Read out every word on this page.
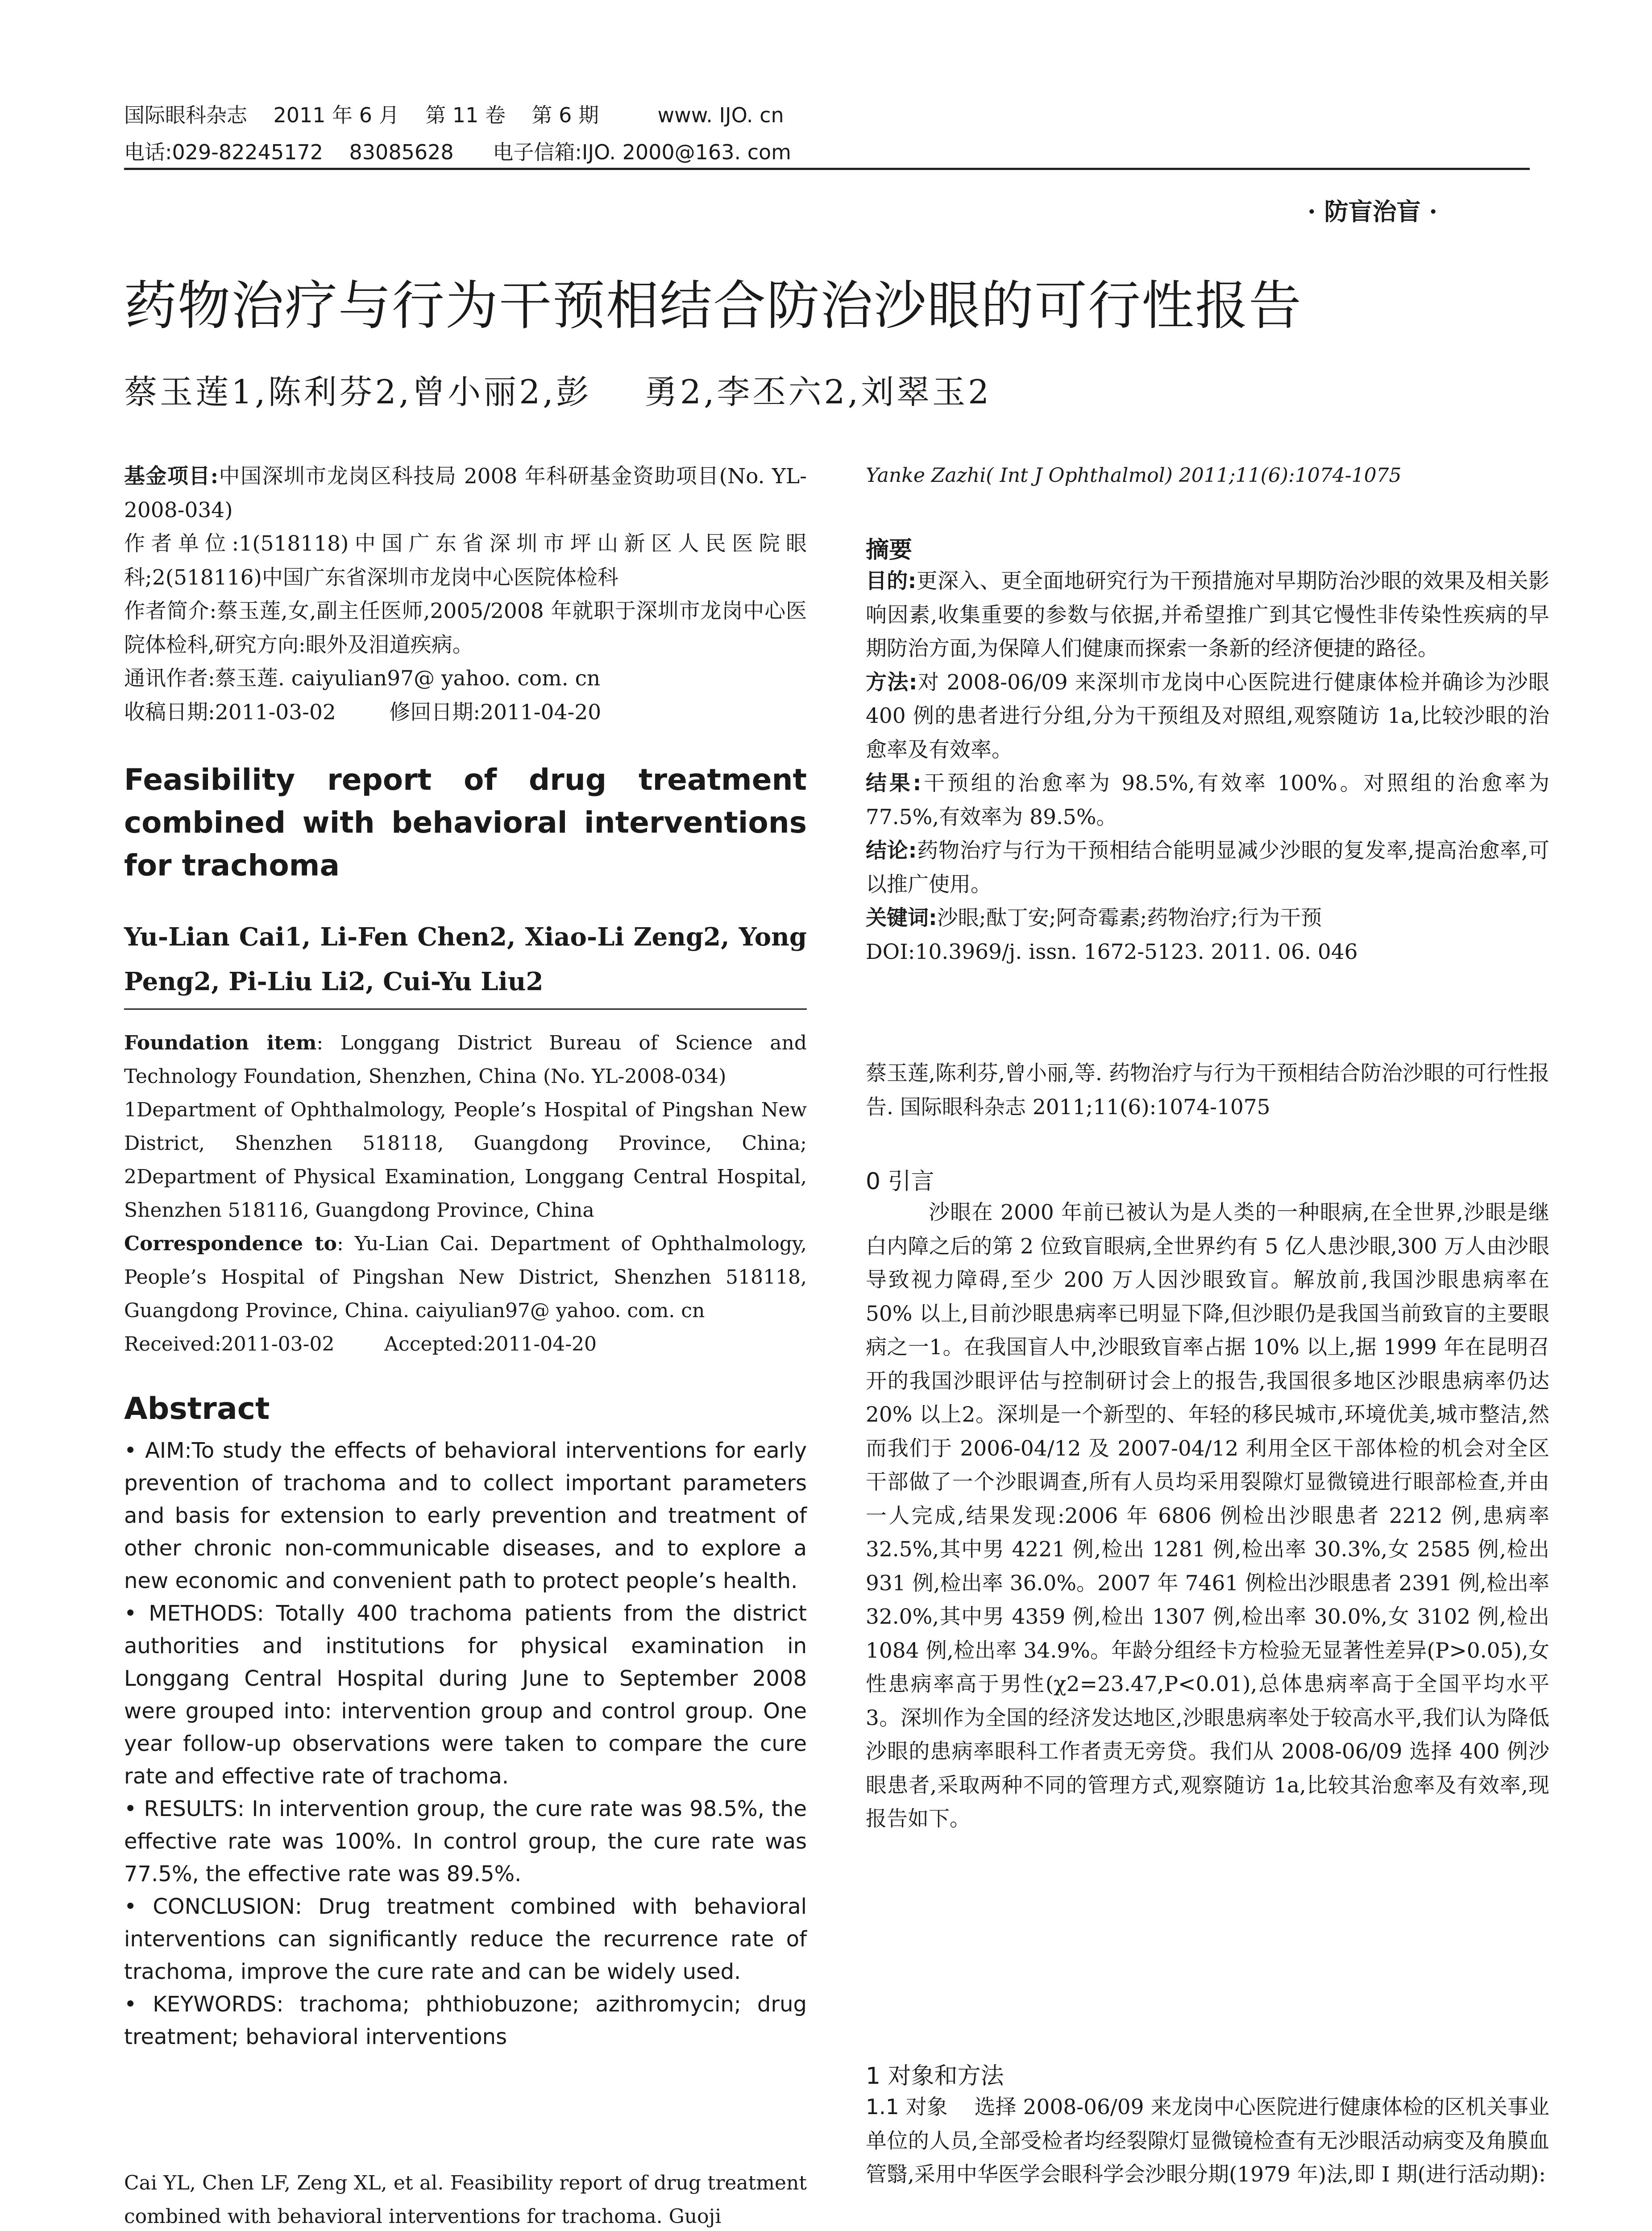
国际眼科杂志    2011 年 6 月    第 11 卷    第 6 期         www. IJO. cn
电话:029-82245172    83085628      电子信箱:IJO. 2000@163. com
· 防盲治盲 ·
药物治疗与行为干预相结合防治沙眼的可行性报告
蔡玉莲1,陈利芬2,曾小丽2,彭    勇2,李丕六2,刘翠玉2

基金项目:中国深圳市龙岗区科技局 2008 年科研基金资助项目(No. YL-2008-034)

作者单位:1(518118)中国广东省深圳市坪山新区人民医院眼科;2(518116)中国广东省深圳市龙岗中心医院体检科

作者简介:蔡玉莲,女,副主任医师,2005/2008 年就职于深圳市龙岗中心医院体检科,研究方向:眼外及泪道疾病。

通讯作者:蔡玉莲. caiyulian97@ yahoo. com. cn

收稿日期:2011-03-02        修回日期:2011-04-20

Feasibility report of drug treatment combined with behavioral interventions for trachoma
Yu-Lian Cai1, Li-Fen Chen2, Xiao-Li Zeng2, Yong Peng2, Pi-Liu Li2, Cui-Yu Liu2

Foundation item: Longgang District Bureau of Science and Technology Foundation, Shenzhen, China (No. YL-2008-034)

1Department of Ophthalmology, People’s Hospital of Pingshan New District, Shenzhen 518118, Guangdong Province, China; 2Department of Physical Examination, Longgang Central Hospital, Shenzhen 518116, Guangdong Province, China

Correspondence to: Yu-Lian Cai. Department of Ophthalmology, People’s Hospital of Pingshan New District, Shenzhen 518118, Guangdong Province, China. caiyulian97@ yahoo. com. cn

Received:2011-03-02        Accepted:2011-04-20

Abstract

• AIM:To study the effects of behavioral interventions for early prevention of trachoma and to collect important parameters and basis for extension to early prevention and treatment of other chronic non-communicable diseases, and to explore a new economic and convenient path to protect people’s health.

• METHODS: Totally 400 trachoma patients from the district authorities and institutions for physical examination in Longgang Central Hospital during June to September 2008 were grouped into: intervention group and control group. One year follow-up observations were taken to compare the cure rate and effective rate of trachoma.

• RESULTS: In intervention group, the cure rate was 98.5%, the effective rate was 100%. In control group, the cure rate was 77.5%, the effective rate was 89.5%.

• CONCLUSION: Drug treatment combined with behavioral interventions can significantly reduce the recurrence rate of trachoma, improve the cure rate and can be widely used.

• KEYWORDS: trachoma; phthiobuzone; azithromycin; drug treatment; behavioral interventions

Cai YL, Chen LF, Zeng XL, et al. Feasibility report of drug treatment combined with behavioral interventions for trachoma. Guoji
Yanke Zazhi( Int J Ophthalmol) 2011;11(6):1074-1075
摘要

目的:更深入、更全面地研究行为干预措施对早期防治沙眼的效果及相关影响因素,收集重要的参数与依据,并希望推广到其它慢性非传染性疾病的早期防治方面,为保障人们健康而探索一条新的经济便捷的路径。

方法:对 2008-06/09 来深圳市龙岗中心医院进行健康体检并确诊为沙眼 400 例的患者进行分组,分为干预组及对照组,观察随访 1a,比较沙眼的治愈率及有效率。

结果:干预组的治愈率为 98.5%,有效率 100%。对照组的治愈率为 77.5%,有效率为 89.5%。

结论:药物治疗与行为干预相结合能明显减少沙眼的复发率,提高治愈率,可以推广使用。

关键词:沙眼;酞丁安;阿奇霉素;药物治疗;行为干预

DOI:10.3969/j. issn. 1672-5123. 2011. 06. 046

蔡玉莲,陈利芬,曾小丽,等. 药物治疗与行为干预相结合防治沙眼的可行性报告. 国际眼科杂志 2011;11(6):1074-1075
0 引言

沙眼在 2000 年前已被认为是人类的一种眼病,在全世界,沙眼是继白内障之后的第 2 位致盲眼病,全世界约有 5 亿人患沙眼,300 万人由沙眼导致视力障碍,至少 200 万人因沙眼致盲。解放前,我国沙眼患病率在 50% 以上,目前沙眼患病率已明显下降,但沙眼仍是我国当前致盲的主要眼病之一1。在我国盲人中,沙眼致盲率占据 10% 以上,据 1999 年在昆明召开的我国沙眼评估与控制研讨会上的报告,我国很多地区沙眼患病率仍达 20% 以上2。深圳是一个新型的、年轻的移民城市,环境优美,城市整洁,然而我们于 2006-04/12 及 2007-04/12 利用全区干部体检的机会对全区干部做了一个沙眼调查,所有人员均采用裂隙灯显微镜进行眼部检查,并由一人完成,结果发现:2006 年 6806 例检出沙眼患者 2212 例,患病率 32.5%,其中男 4221 例,检出 1281 例,检出率 30.3%,女 2585 例,检出 931 例,检出率 36.0%。2007 年 7461 例检出沙眼患者 2391 例,检出率 32.0%,其中男 4359 例,检出 1307 例,检出率 30.0%,女 3102 例,检出 1084 例,检出率 34.9%。年龄分组经卡方检验无显著性差异(P>0.05),女性患病率高于男性(χ2=23.47,P<0.01),总体患病率高于全国平均水平3。深圳作为全国的经济发达地区,沙眼患病率处于较高水平,我们认为降低沙眼的患病率眼科工作者责无旁贷。我们从 2008-06/09 选择 400 例沙眼患者,采取两种不同的管理方式,观察随访 1a,比较其治愈率及有效率,现报告如下。

1 对象和方法

1.1 对象 选择 2008-06/09 来龙岗中心医院进行健康体检的区机关事业单位的人员,全部受检者均经裂隙灯显微镜检查有无沙眼活动病变及角膜血管翳,采用中华医学会眼科学会沙眼分期(1979 年)法,即 Ⅰ 期(进行活动期):
